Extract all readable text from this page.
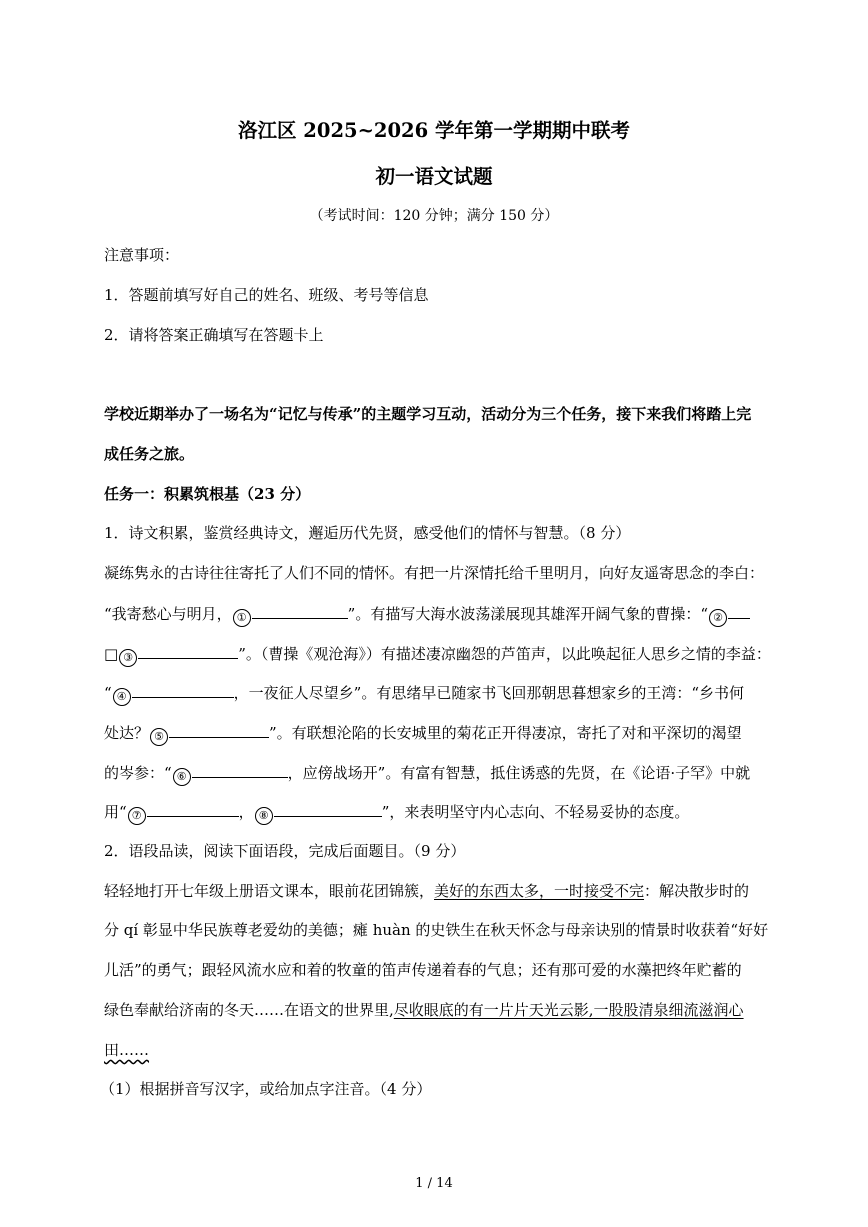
洛江区 2025~2026 学年第一学期期中联考
初一语文试题
（考试时间：120 分钟；满分 150 分）
注意事项：
1．答题前填写好自己的姓名、班级、考号等信息
2．请将答案正确填写在答题卡上
学校近期举办了一场名为“记忆与传承”的主题学习互动，活动分为三个任务，接下来我们将踏上完
成任务之旅。
任务一：积累筑根基（23 分）
1．诗文积累，鉴赏经典诗文，邂逅历代先贤，感受他们的情怀与智慧。（8 分）
凝练隽永的古诗往往寄托了人们不同的情怀。有把一片深情托给千里明月，向好友遥寄思念的李白：
“我寄愁心与明月， ①	”。有描写大海水波荡漾展现其雄浑开阔气象的曹操：“ ②
□ ③	”。（曹操《观沧海》）有描述凄凉幽怨的芦笛声，以此唤起征人思乡之情的李益：
“ ④	，一夜征人尽望乡”。有思绪早已随家书飞回那朝思暮想家乡的王湾：“乡书何
处达？ ⑤	”。有联想沦陷的长安城里的菊花正开得凄凉，寄托了对和平深切的渴望
的岑参：“ ⑥	，应傍战场开”。有富有智慧，抵住诱惑的先贤，在《论语·子罕》中就
用“ ⑦	， ⑧	”，来表明坚守内心志向、不轻易妥协的态度。
2．语段品读，阅读下面语段，完成后面题目。（9 分）
轻轻地打开七年级上册语文课本，眼前花团锦簇，美好的东西太多，一时接受不完：解决散步时的
分 qí 彰显中华民族尊老爱幼的美德；瘫 huàn 的史铁生在秋天怀念与母亲诀别的情景时收获着“好好
儿活”的勇气；跟轻风流水应和着的牧童的笛声传递着春的气息；还有那可爱的水藻把终年贮蓄的
绿色奉献给济南的冬天……在语文的世界里,尽收眼底的有一片片天光云影,一股股清泉细流滋润心
田……
（1）根据拼音写汉字，或给加点字注音。（4 分）
1 / 14
